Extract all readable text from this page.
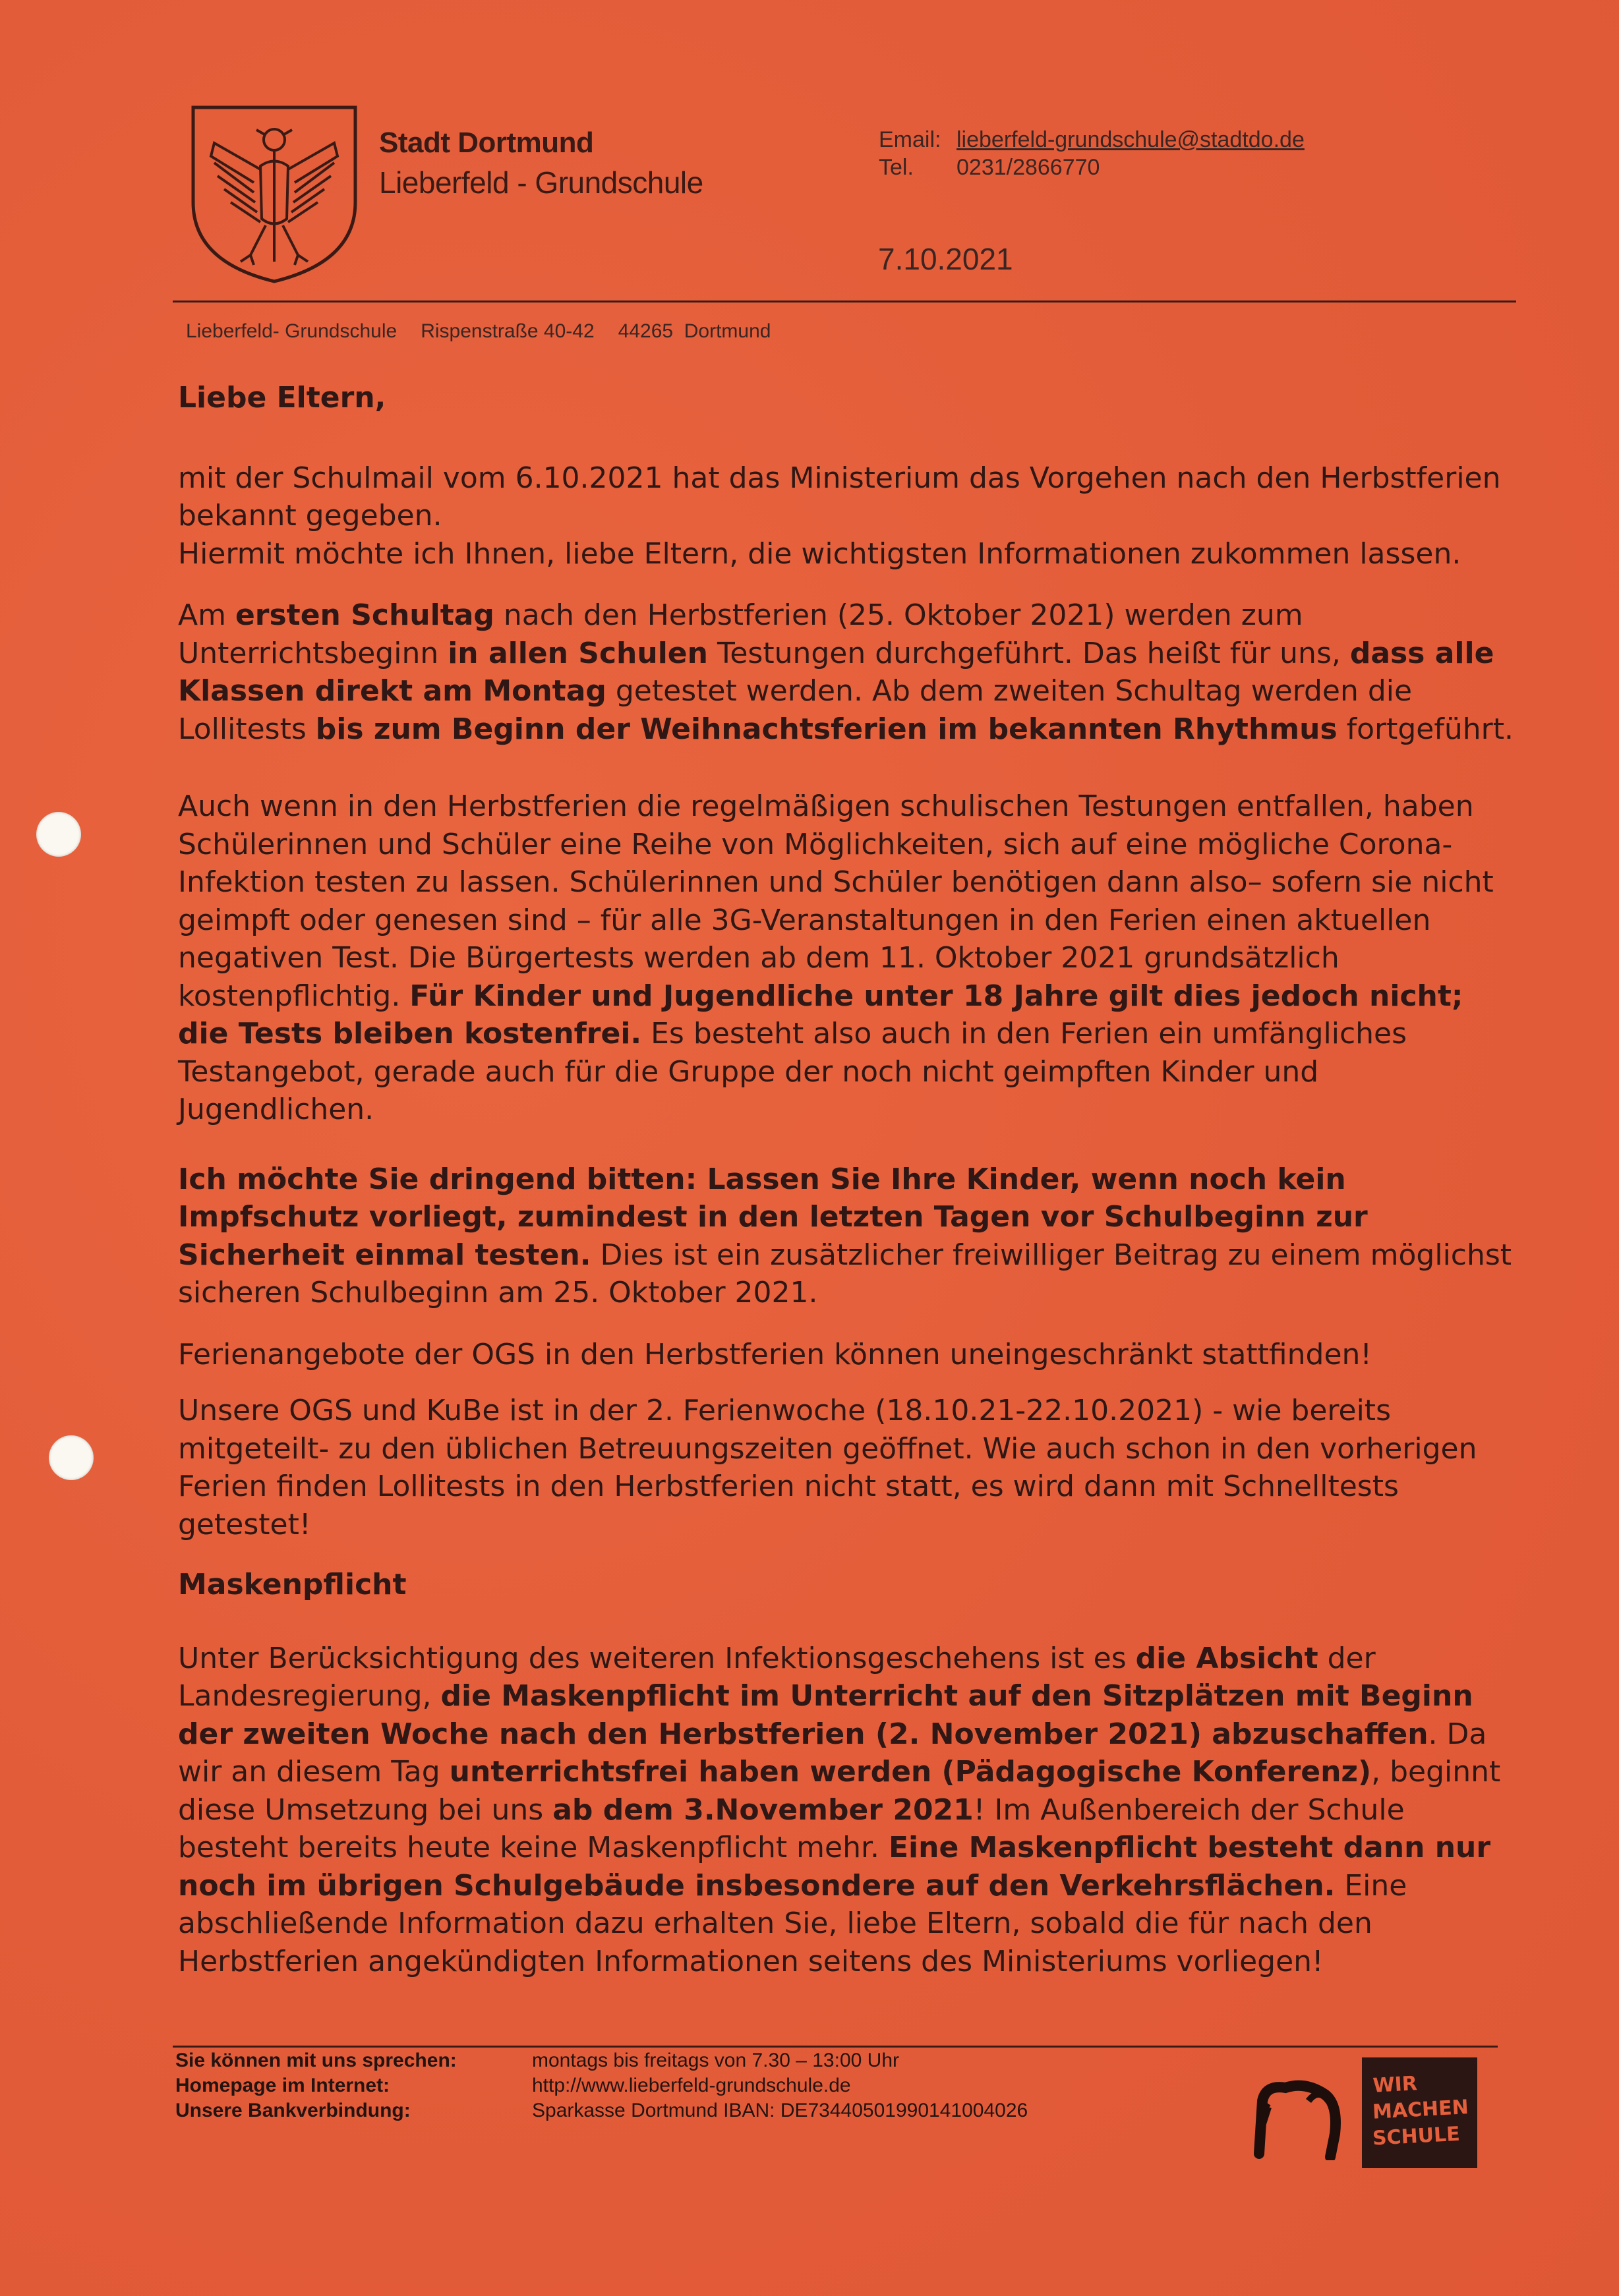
Stadt Dortmund
Lieberfeld - Grundschule
Email: lieberfeld-grundschule@stadtdo.de
Tel. 0231/2866770
7.10.2021
Lieberfeld- Grundschule Rispenstraße 40-42 44265  Dortmund

Liebe Eltern,

mit der Schulmail vom 6.10.2021 hat das Ministerium das Vorgehen nach den Herbstferien bekannt gegeben.

Hiermit möchte ich Ihnen, liebe Eltern, die wichtigsten Informationen zukommen lassen.

Am ersten Schultag nach den Herbstferien (25. Oktober 2021) werden zum Unterrichtsbeginn in allen Schulen Testungen durchgeführt. Das heißt für uns, dass alle Klassen direkt am Montag getestet werden. Ab dem zweiten Schultag werden die Lollitests bis zum Beginn der Weihnachtsferien im bekannten Rhythmus fortgeführt.

Auch wenn in den Herbstferien die regelmäßigen schulischen Testungen entfallen, haben Schülerinnen und Schüler eine Reihe von Möglichkeiten, sich auf eine mögliche Corona-Infektion testen zu lassen. Schülerinnen und Schüler benötigen dann also– sofern sie nicht geimpft oder genesen sind – für alle 3G-Veranstaltungen in den Ferien einen aktuellen negativen Test. Die Bürgertests werden ab dem 11. Oktober 2021 grundsätzlich kostenpflichtig. Für Kinder und Jugendliche unter 18 Jahre gilt dies jedoch nicht; die Tests bleiben kostenfrei. Es besteht also auch in den Ferien ein umfängliches Testangebot, gerade auch für die Gruppe der noch nicht geimpften Kinder und Jugendlichen.

Ich möchte Sie dringend bitten: Lassen Sie Ihre Kinder, wenn noch kein Impfschutz vorliegt, zumindest in den letzten Tagen vor Schulbeginn zur Sicherheit einmal testen. Dies ist ein zusätzlicher freiwilliger Beitrag zu einem möglichst sicheren Schulbeginn am 25. Oktober 2021.

Ferienangebote der OGS in den Herbstferien können uneingeschränkt stattfinden!

Unsere OGS und KuBe ist in der 2. Ferienwoche (18.10.21-22.10.2021) - wie bereits mitgeteilt- zu den üblichen Betreuungszeiten geöffnet. Wie auch schon in den vorherigen Ferien finden Lollitests in den Herbstferien nicht statt, es wird dann mit Schnelltests getestet!

Maskenpflicht

Unter Berücksichtigung des weiteren Infektionsgeschehens ist es die Absicht der Landesregierung, die Maskenpflicht im Unterricht auf den Sitzplätzen mit Beginn der zweiten Woche nach den Herbstferien (2. November 2021) abzuschaffen. Da wir an diesem Tag unterrichtsfrei haben werden (Pädagogische Konferenz), beginnt diese Umsetzung bei uns ab dem 3.November 2021! Im Außenbereich der Schule besteht bereits heute keine Maskenpflicht mehr. Eine Maskenpflicht besteht dann nur noch im übrigen Schulgebäude insbesondere auf den Verkehrsflächen. Eine abschließende Information dazu erhalten Sie, liebe Eltern, sobald die für nach den Herbstferien angekündigten Informationen seitens des Ministeriums vorliegen!

Sie können mit uns sprechen:	montags bis freitags von 7.30 – 13:00 Uhr
Homepage im Internet:	http://www.lieberfeld-grundschule.de
Unsere Bankverbindung:	Sparkasse Dortmund IBAN: DE73440501990141004026
WIR
MACHEN
SCHULE
